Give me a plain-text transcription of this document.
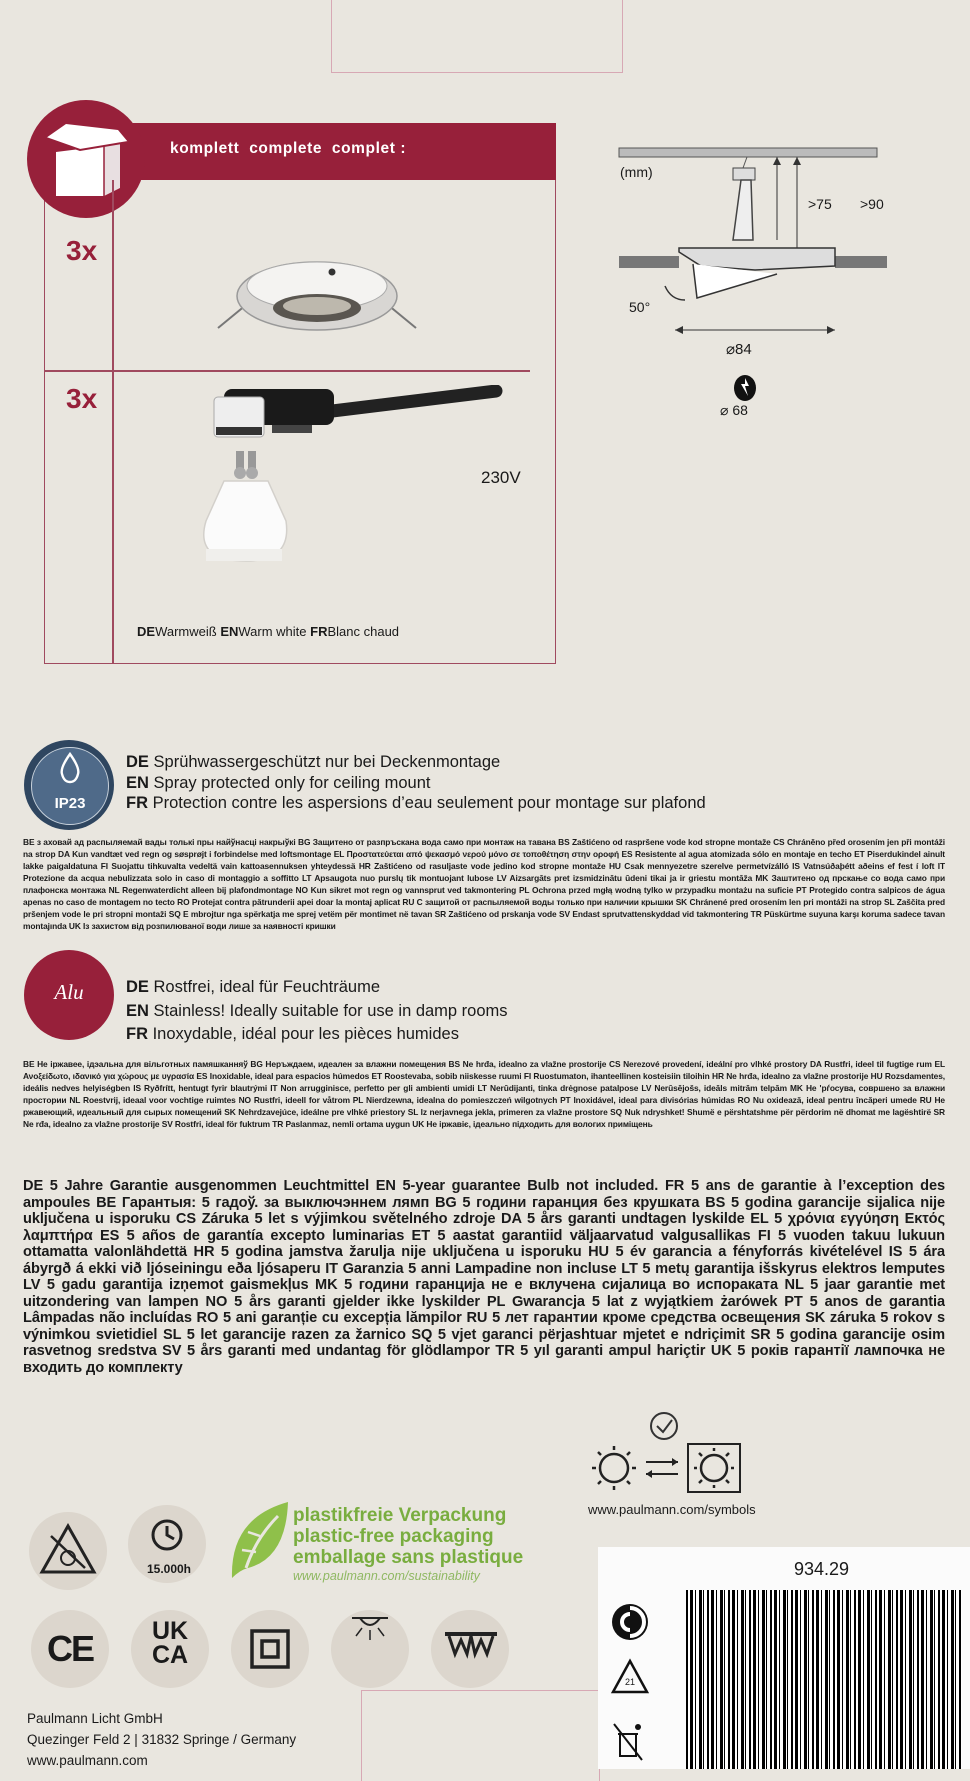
komplett  complete  complet :
3x
3x
230V
DEWarmweiß ENWarm white FRBlanc chaud
(mm)
>75 >90
50°
⌀84
⌀ 68
IP23
DE Sprühwassergeschützt nur bei Deckenmontage
EN Spray protected only for ceiling mount
FR Protection contre les aspersions d’eau seulement pour montage sur plafond
BE з аховай ад распыляемай вады толькі пры найўнасці накрыўкі BG Защитено от разпръскана вода само при монтаж на тавана BS Zaštićeno od raspršene vode kod stropne montaže CS Chráněno před orosením jen při montáži na strop DA Kun vandtæt ved regn og søsprøjt i forbindelse med loftsmontage EL Προστατεύεται από ψεκασμό νερού μόνο σε τοποθέτηση στην οροφή ES Resistente al agua atomizada sólo en montaje en techo ET Piserdukindel ainult lakke paigaldatuna FI Suojattu tihkuvalta vedeltä vain kattoasennuksen yhteydessä HR Zaštićeno od rasuljaste vode jedino kod stropne montaže HU Csak mennyezetre szerelve permetvízálló IS Vatnsúðaþétt aðeins ef fest í loft IT Protezione da acqua nebulizzata solo in caso di montaggio a soffitto LT Apsaugota nuo purslų tik montuojant lubose LV Aizsargāts pret izsmidzinātu ūdeni tikai ja ir griestu montāža MK Заштитено од прскање со вода само при плафонска монтажа NL Regenwaterdicht alleen bij plafondmontage NO Kun sikret mot regn og vannsprut ved takmontering PL Ochrona przed mgłą wodną tylko w przypadku montażu na suficie PT Protegido contra salpicos de água apenas no caso de montagem no tecto RO Protejat contra pătrunderii apei doar la montaj aplicat RU С защитой от распыляемой воды только при наличии крышки SK Chránené pred orosením len pri montáži na strop SL Zaščita pred pršenjem vode le pri stropni montaži SQ E mbrojtur nga spërkatja me sprej vetëm për montimet në tavan SR Zaštićeno od prskanja vode SV Endast sprutvattenskyddad vid takmontering TR Püskürtme suyuna karşı koruma sadece tavan montajında UK Із захистом від розпилюваної води лише за наявності кришки
Alu	DE Rostfrei, ideal für Feuchträume
EN Stainless! Ideally suitable for use in damp rooms
FR Inoxydable, idéal pour les pièces humides
BE Не іржавее, ідэальна для вільготных памяшканняў BG Неръждаем, идеален за влажни помещения BS Ne hrđa, idealno za vlažne prostorije CS Nerezové provedení, ideální pro vlhké prostory DA Rustfri, ideel til fugtige rum EL Ανοξείδωτο, ιδανικό για χώρους με υγρασία ES Inoxidable, ideal para espacios húmedos ET Roostevaba, sobib niiskesse ruumi FI Ruostumaton, ihanteellinen kosteisiin tiloihin HR Ne hrđa, idealno za vlažne prostorije HU Rozsdamentes, ideális nedves helyiségben IS Ryðfrítt, hentugt fyrir blautrými IT Non arrugginisce, perfetto per gli ambienti umidi LT Nerūdijanti, tinka drėgnose patalpose LV Nerūsējošs, ideāls mitrām telpām MK Не 'рѓосува, совршено за влажни простории NL Roestvrij, ideaal voor vochtige ruimtes NO Rustfri, ideell for våtrom PL Nierdzewna, idealna do pomieszczeń wilgotnych PT Inoxidável, ideal para divisórias húmidas RO Nu oxidează, ideal pentru încăperi umede RU Не ржавеющий, идеальный для сырых помещений SK Nehrdzavejúce, ideálne pre vlhké priestory SL Iz nerjavnega jekla, primeren za vlažne prostore SQ Nuk ndryshket! Shumë e përshtatshme për përdorim në dhomat me lagështirë SR Ne rđa, idealno za vlažne prostorije SV Rostfri, ideal för fuktrum TR Paslanmaz, nemli ortama uygun UK Не іржавіє, ідеально підходить для вологих приміщень
DE 5 Jahre Garantie ausgenommen Leuchtmittel EN 5-year guarantee Bulb not included. FR 5 ans de garantie à l’exception des ampoules BE Гарантыя: 5 гадоў. за выключэннем лямп BG 5 години гаранция без крушката BS 5 godina garancije sijalica nije uključena u isporuku CS Záruka 5 let s výjimkou světelného zdroje DA 5 års garanti undtagen lyskilde EL 5 χρόνια εγγύηση Εκτός λαμπτήρα ES 5 años de garantía excepto luminarias ET 5 aastat garantiid väljaarvatud valgusallikas FI 5 vuoden takuu lukuun ottamatta valonlähdettä HR 5 godina jamstva žarulja nije uključena u isporuku HU 5 év garancia a fényforrás kivételével IS 5 ára ábyrgð á ekki við ljóseiningu eða ljósaperu IT Garanzia 5 anni Lampadine non incluse LT 5 metų garantija išskyrus elektros lemputes LV 5 gadu garantija izņemot gaismekļus MK 5 години гаранција не е вклучена сијалица во испораката NL 5 jaar garantie met uitzondering van lampen NO 5 års garanti gjelder ikke lyskilder PL Gwarancja 5 lat z wyjątkiem żarówek PT 5 anos de garantia Lâmpadas não incluídas RO 5 ani garanție cu excepția lămpilor RU 5 лет гарантии кроме средства освещения SK záruka 5 rokov s výnimkou svietidiel SL 5 let garancije razen za žarnico SQ 5 vjet garanci përjashtuar mjetet e ndriçimit SR 5 godina garancije osim rasvetnog sredstva SV 5 års garanti med undantag för glödlampor TR 5 yıl garanti ampul hariçtir UK 5 років гарантії лампочка не входить до комплекту
www.paulmann.com/symbols
15.000h
plastikfreie Verpackung
plastic-free packaging
emballage sans plastique
www.paulmann.com/sustainability
CE	UK
CA
Paulmann Licht GmbH
Quezinger Feld 2 | 31832 Springe / Germany
www.paulmann.com
934.29
21
